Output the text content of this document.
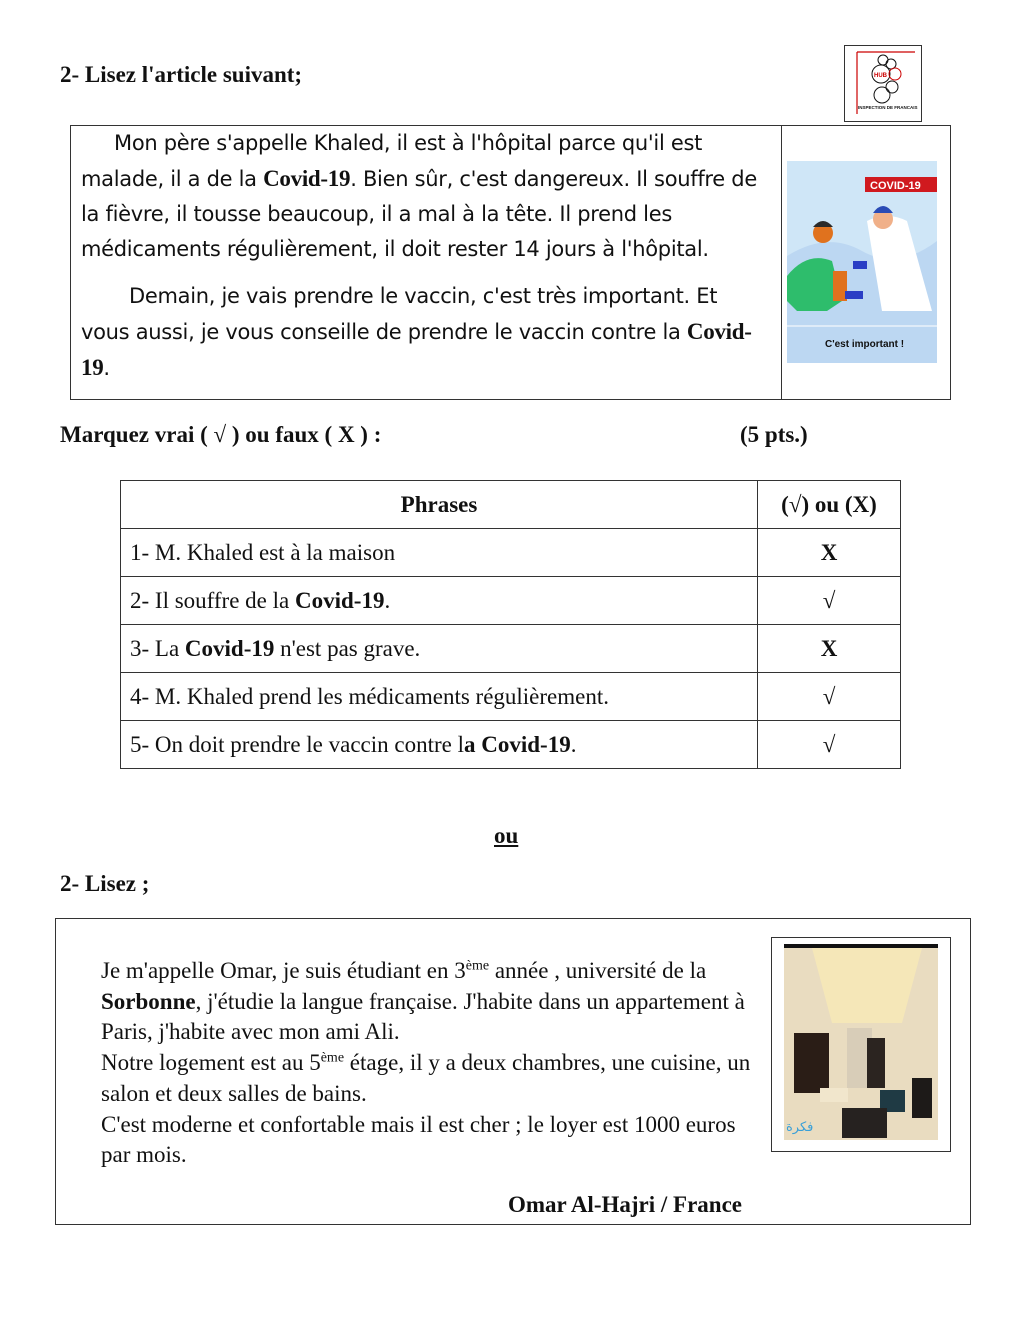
2- Lisez l'article suivant;	HUB
INSPECTION DE FRANCAIS
Mon père s'appelle Khaled, il est à l'hôpital parce qu'il est malade, il a de la Covid-19. Bien sûr, c'est dangereux. Il souffre de la fièvre, il tousse beaucoup, il a mal à la tête. Il prend les médicaments régulièrement, il doit rester 14 jours à l'hôpital.
Demain, je vais prendre le vaccin, c'est très important. Et vous aussi, je vous conseille de prendre le vaccin contre la Covid-19.
COVID-19
C'est important !
Marquez vrai ( √ ) ou faux ( X ) :	(5 pts.)
Phrases	(√) ou (X)
1- M. Khaled est à la maison	X
2- Il souffre de la Covid-19.	√
3- La Covid-19 n'est pas grave.	X
4- M. Khaled prend les médicaments régulièrement.	√
5- On doit prendre le vaccin contre la Covid-19.	√
ou
2- Lisez ;
Je m'appelle Omar, je suis étudiant en 3ème année , université de la Sorbonne, j'étudie la langue française. J'habite dans un appartement à Paris, j'habite avec mon ami Ali.
Notre logement est au 5ème étage, il y a deux chambres, une cuisine, un salon et deux salles de bains.
C'est moderne et confortable mais il est cher ; le loyer est 1000 euros par mois.
Omar Al-Hajri / France
فكرة
